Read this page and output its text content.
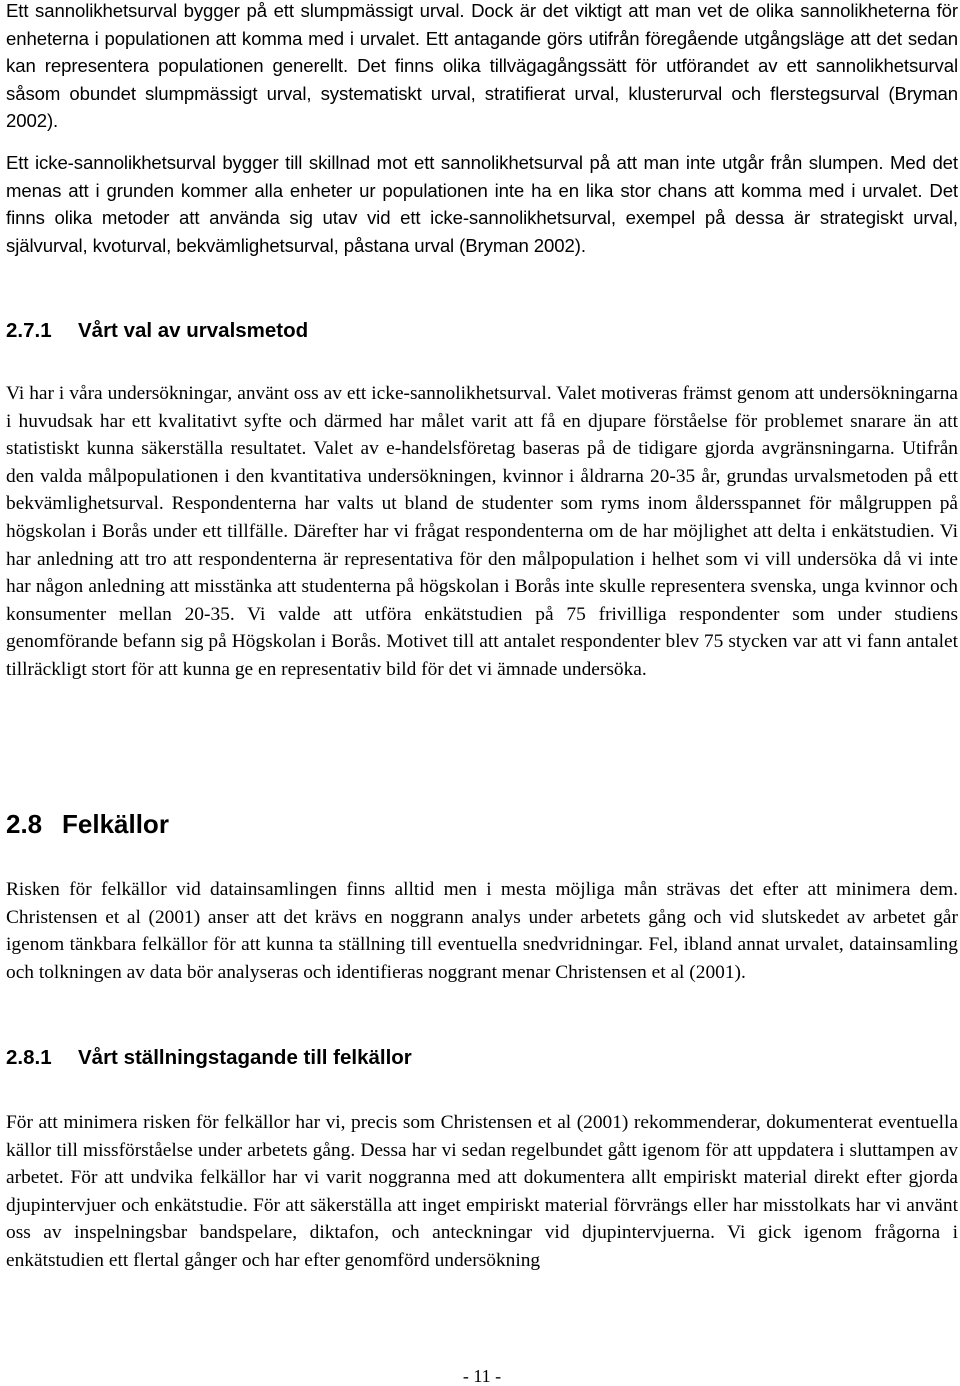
Ett sannolikhetsurval bygger på ett slumpmässigt urval. Dock är det viktigt att man vet de olika sannolikheterna för enheterna i populationen att komma med i urvalet. Ett antagande görs utifrån föregående utgångsläge att det sedan kan representera populationen generellt. Det finns olika tillvägagångssätt för utförandet av ett sannolikhetsurval såsom obundet slumpmässigt urval, systematiskt urval, stratifierat urval, klusterurval och flerstegsurval (Bryman 2002).

Ett icke-sannolikhetsurval bygger till skillnad mot ett sannolikhetsurval på att man inte utgår från slumpen. Med det menas att i grunden kommer alla enheter ur populationen inte ha en lika stor chans att komma med i urvalet. Det finns olika metoder att använda sig utav vid ett icke-sannolikhetsurval, exempel på dessa är strategiskt urval, självurval, kvoturval, bekvämlighetsurval, påstana urval (Bryman 2002).

2.7.1 Vårt val av urvalsmetod

Vi har i våra undersökningar, använt oss av ett icke-sannolikhetsurval. Valet motiveras främst genom att undersökningarna i huvudsak har ett kvalitativt syfte och därmed har målet varit att få en djupare förståelse för problemet snarare än att statistiskt kunna säkerställa resultatet. Valet av e-handelsföretag baseras på de tidigare gjorda avgränsningarna. Utifrån den valda målpopulationen i den kvantitativa undersökningen, kvinnor i åldrarna 20-35 år, grundas urvalsmetoden på ett bekvämlighetsurval. Respondenterna har valts ut bland de studenter som ryms inom åldersspannet för målgruppen på högskolan i Borås under ett tillfälle. Därefter har vi frågat respondenterna om de har möjlighet att delta i enkätstudien. Vi har anledning att tro att respondenterna är representativa för den målpopulation i helhet som vi vill undersöka då vi inte har någon anledning att misstänka att studenterna på högskolan i Borås inte skulle representera svenska, unga kvinnor och konsumenter mellan 20-35. Vi valde att utföra enkätstudien på 75 frivilliga respondenter som under studiens genomförande befann sig på Högskolan i Borås. Motivet till att antalet respondenter blev 75 stycken var att vi fann antalet tillräckligt stort för att kunna ge en representativ bild för det vi ämnade undersöka.

2.8 Felkällor

Risken för felkällor vid datainsamlingen finns alltid men i mesta möjliga mån strävas det efter att minimera dem. Christensen et al (2001) anser att det krävs en noggrann analys under arbetets gång och vid slutskedet av arbetet går igenom tänkbara felkällor för att kunna ta ställning till eventuella snedvridningar. Fel, ibland annat urvalet, datainsamling och tolkningen av data bör analyseras och identifieras noggrant menar Christensen et al (2001).

2.8.1 Vårt ställningstagande till felkällor

För att minimera risken för felkällor har vi, precis som Christensen et al (2001) rekommenderar, dokumenterat eventuella källor till missförståelse under arbetets gång. Dessa har vi sedan regelbundet gått igenom för att uppdatera i sluttampen av arbetet. För att undvika felkällor har vi varit noggranna med att dokumentera allt empiriskt material direkt efter gjorda djupintervjuer och enkätstudie. För att säkerställa att inget empiriskt material förvrängs eller har misstolkats har vi använt oss av inspelningsbar bandspelare, diktafon, och anteckningar vid djupintervjuerna. Vi gick igenom frågorna i enkätstudien ett flertal gånger och har efter genomförd undersökning

- 11 -
